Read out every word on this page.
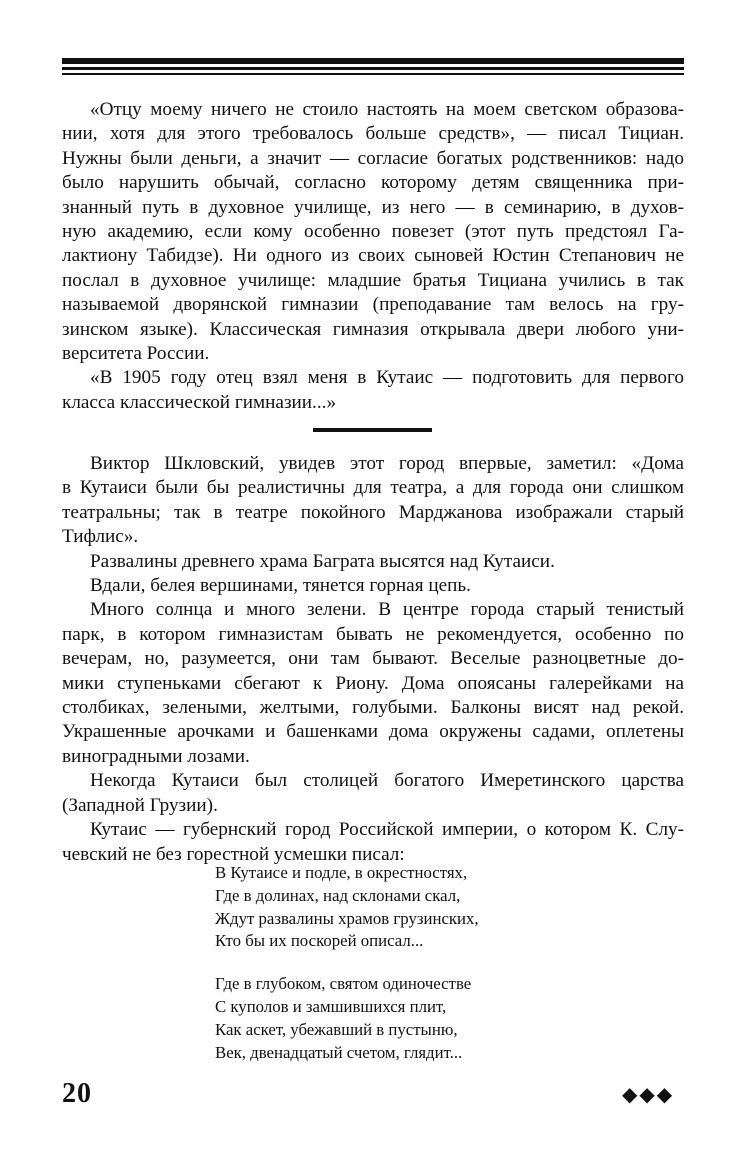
«Отцу моему ничего не стоило настоять на моем светском образова-
нии, хотя для этого требовалось больше средств», — писал Тициан.
Нужны были деньги, а значит — согласие богатых родственников: надо
было нарушить обычай, согласно которому детям священника при-
знанный путь в духовное училище, из него — в семинарию, в духов-
ную академию, если кому особенно повезет (этот путь предстоял Га-
лактиону Табидзе). Ни одного из своих сыновей Юстин Степанович не
послал в духовное училище: младшие братья Тициана учились в так
называемой дворянской гимназии (преподавание там велось на гру-
зинском языке). Классическая гимназия открывала двери любого уни-
верситета России.
«В 1905 году отец взял меня в Кутаис — подготовить для первого
класса классической гимназии...»
Виктор Шкловский, увидев этот город впервые, заметил: «Дома
в Кутаиси были бы реалистичны для театра, а для города они слишком
театральны; так в театре покойного Марджанова изображали старый
Тифлис».
Развалины древнего храма Баграта высятся над Кутаиси.
Вдали, белея вершинами, тянется горная цепь.
Много солнца и много зелени. В центре города старый тенистый
парк, в котором гимназистам бывать не рекомендуется, особенно по
вечерам, но, разумеется, они там бывают. Веселые разноцветные до-
мики ступеньками сбегают к Риону. Дома опоясаны галерейками на
столбиках, зелеными, желтыми, голубыми. Балконы висят над рекой.
Украшенные арочками и башенками дома окружены садами, оплетены
виноградными лозами.
Некогда Кутаиси был столицей богатого Имеретинского царства
(Западной Грузии).
Кутаис — губернский город Российской империи, о котором К. Слу-
чевский не без горестной усмешки писал:
В Кутаисе и подле, в окрестностях,
Где в долинах, над склонами скал,
Ждут развалины храмов грузинских,
Кто бы их поскорей описал...
Где в глубоком, святом одиночестве
С куполов и замшившихся плит,
Как аскет, убежавший в пустыню,
Век, двенадцатый счетом, глядит...
20	◆◆◆
